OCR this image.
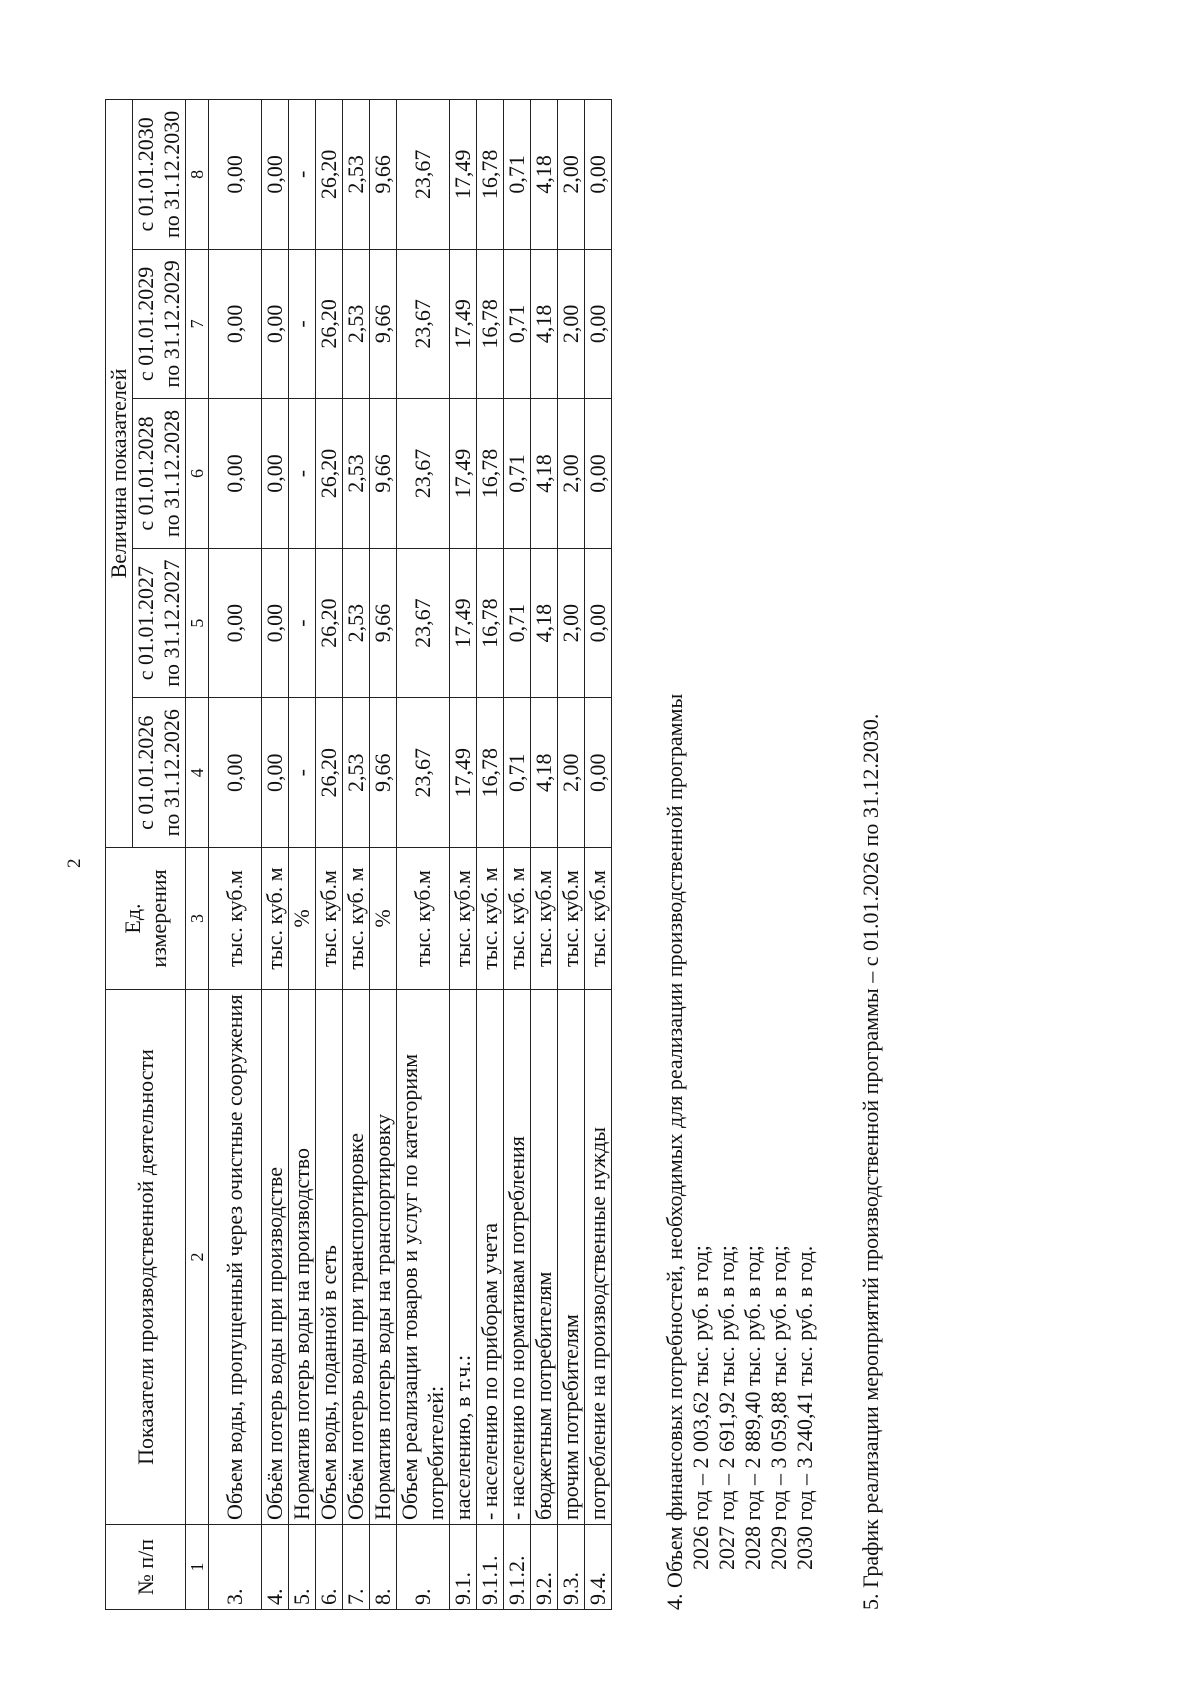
2
№ п/п	Показатели производственной деятельности	Ед. измерения	Величина показателей				
			с 01.01.2026 по 31.12.2026	с 01.01.2027 по 31.12.2027	с 01.01.2028 по 31.12.2028	с 01.01.2029 по 31.12.2029	с 01.01.2030 по 31.12.2030
1	2	3	4	5	6	7	8
3.	Объем воды, пропущенный через очистные сооружения	тыс. куб.м	0,00	0,00	0,00	0,00	0,00
4.	Объём потерь воды при производстве	тыс. куб. м	0,00	0,00	0,00	0,00	0,00
5.	Норматив потерь воды на производство	%	-	-	-	-	-
6.	Объем воды, поданной в сеть	тыс. куб.м	26,20	26,20	26,20	26,20	26,20
7.	Объём потерь воды при транспортировке	тыс. куб. м	2,53	2,53	2,53	2,53	2,53
8.	Норматив потерь воды на транспортировку	%	9,66	9,66	9,66	9,66	9,66
9.	Объем реализации товаров и услуг по категориям потребителей:	тыс. куб.м	23,67	23,67	23,67	23,67	23,67
9.1.	населению, в т.ч.:	тыс. куб.м	17,49	17,49	17,49	17,49	17,49
9.1.1.	- населению по приборам учета	тыс. куб. м	16,78	16,78	16,78	16,78	16,78
9.1.2.	- населению по нормативам потребления	тыс. куб. м	0,71	0,71	0,71	0,71	0,71
9.2.	бюджетным потребителям	тыс. куб.м	4,18	4,18	4,18	4,18	4,18
9.3.	прочим потребителям	тыс. куб.м	2,00	2,00	2,00	2,00	2,00
9.4.	потребление на производственные нужды	тыс. куб.м	0,00	0,00	0,00	0,00	0,00

4. Объем финансовых потребностей, необходимых для реализации производственной программы 2026 год – 2 003,62 тыс. руб. в год; 2027 год – 2 691,92 тыс. руб. в год; 2028 год – 2 889,40 тыс. руб. в год; 2029 год – 3 059,88 тыс. руб. в год; 2030 год – 3 240,41 тыс. руб. в год. 5. График реализации мероприятий производственной программы – с 01.01.2026 по 31.12.2030.
